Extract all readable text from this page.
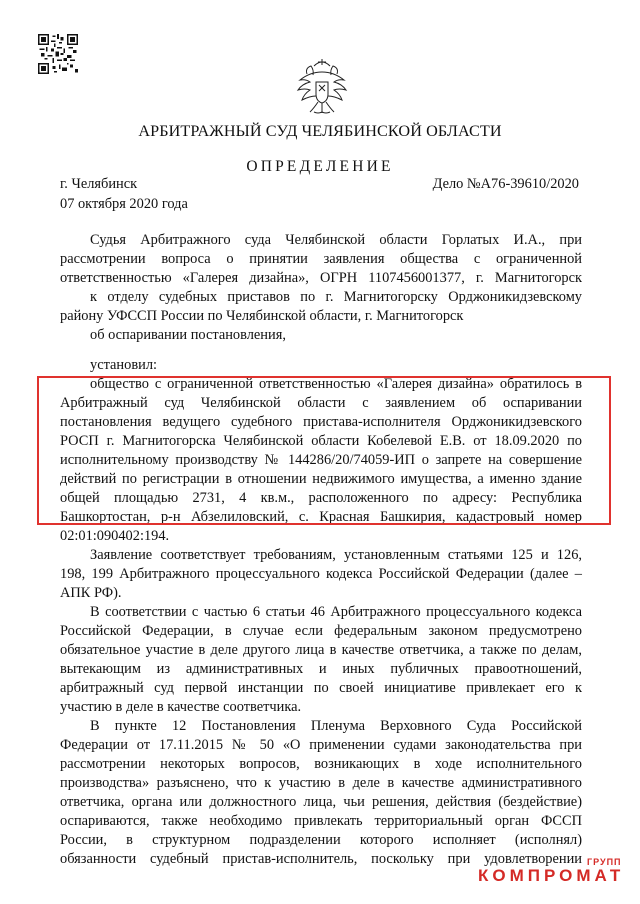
АРБИТРАЖНЫЙ СУД ЧЕЛЯБИНСКОЙ ОБЛАСТИ
ОПРЕДЕЛЕНИЕ
г. Челябинск	Дело №А76-39610/2020
07 октября 2020 года
Судья Арбитражного суда Челябинской области Горлатых И.А., при
рассмотрении вопроса о принятии заявления общества с ограниченной
ответственностью «Галерея дизайна», ОГРН 1107456001377, г. Магнитогорск
к отделу судебных приставов по г. Магнитогорску Орджоникидзевскому
району УФССП России по Челябинской области, г. Магнитогорск
об оспаривании постановления,
установил:
общество с ограниченной ответственностью «Галерея дизайна» обратилось в
Арбитражный суд Челябинской области с заявлением об оспаривании
постановления ведущего судебного пристава-исполнителя Орджоникидзевского
РОСП г. Магнитогорска Челябинской области Кобелевой Е.В. от 18.09.2020 по
исполнительному производству № 144286/20/74059-ИП о запрете на совершение
действий по регистрации в отношении недвижимого имущества, а именно здание
общей площадью 2731, 4 кв.м., расположенного по адресу: Республика
Башкортостан, р-н Абзелиловский, с. Красная Башкирия, кадастровый номер
02:01:090402:194.
Заявление соответствует требованиям, установленным статьями 125 и 126,
198, 199 Арбитражного процессуального кодекса Российской Федерации (далее –
АПК РФ).
В соответствии с частью 6 статьи 46 Арбитражного процессуального кодекса
Российской Федерации, в случае если федеральным законом предусмотрено
обязательное участие в деле другого лица в качестве ответчика, а также по делам,
вытекающим из административных и иных публичных правоотношений,
арбитражный суд первой инстанции по своей инициативе привлекает его к
участию в деле в качестве соответчика.
В пункте 12 Постановления Пленума Верховного Суда Российской
Федерации от 17.11.2015 № 50 «О применении судами законодательства при
рассмотрении некоторых вопросов, возникающих в ходе исполнительного
производства» разъяснено, что к участию в деле в качестве административного
ответчика, органа или должностного лица, чьи решения, действия (бездействие)
оспариваются, также необходимо привлекать территориальный орган ФССП
России, в структурном подразделении которого исполняет (исполнял)
обязанности судебный пристав-исполнитель, поскольку при удовлетворении ГРУПП
КОМПРОМАТ
